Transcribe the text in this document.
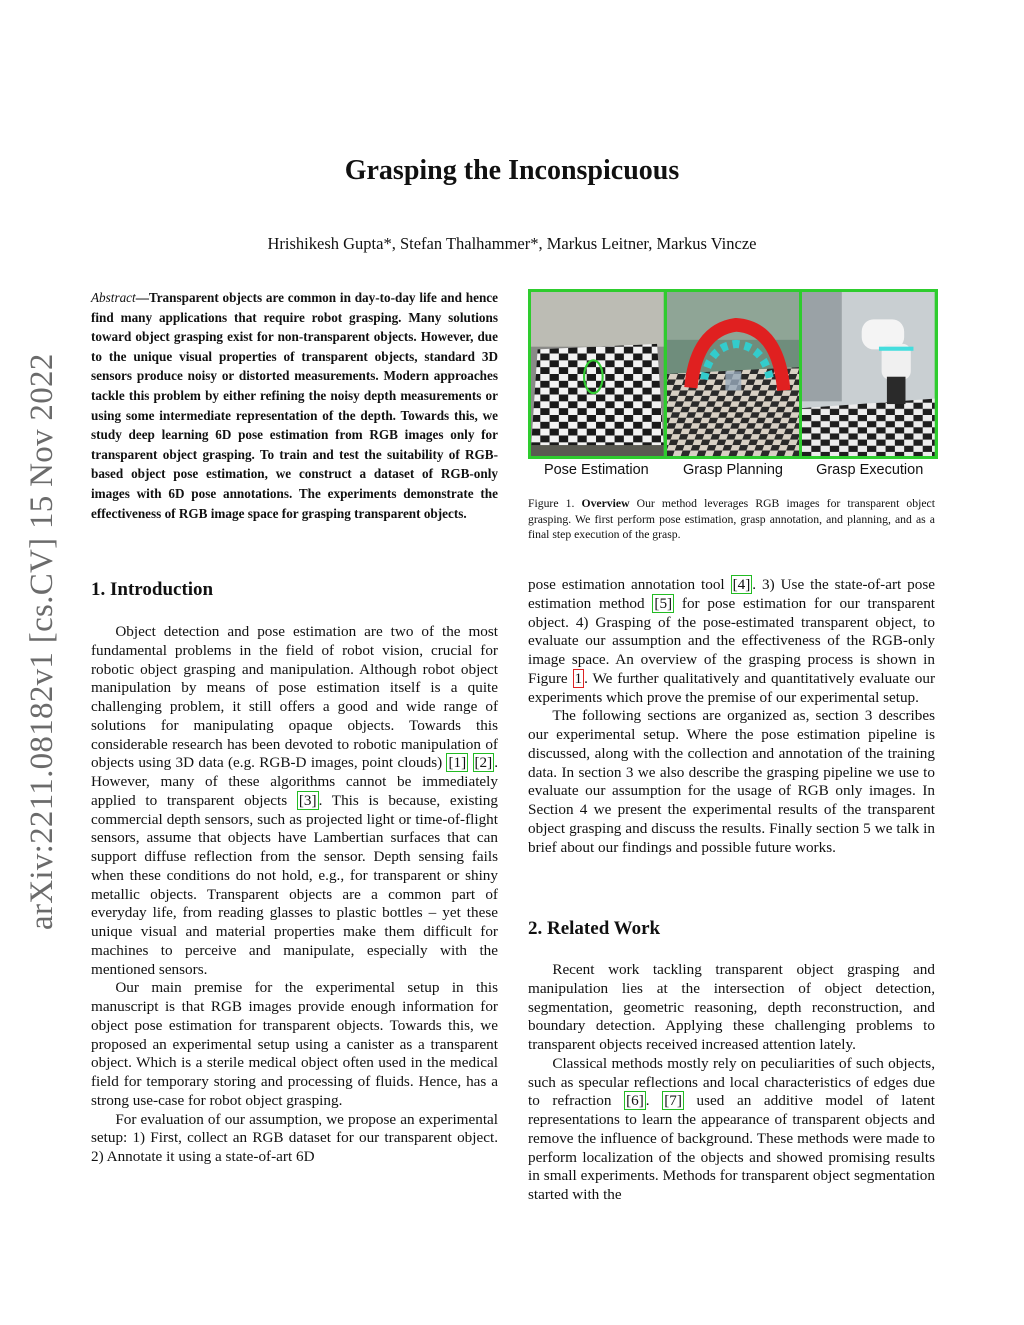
arXiv:2211.08182v1 [cs.CV] 15 Nov 2022
Grasping the Inconspicuous
Hrishikesh Gupta*, Stefan Thalhammer*, Markus Leitner, Markus Vincze
Abstract—Transparent objects are common in day-to-day life and hence find many applications that require robot grasping. Many solutions toward object grasping exist for non-transparent objects. However, due to the unique visual properties of transparent objects, standard 3D sensors produce noisy or distorted measurements. Modern approaches tackle this problem by either refining the noisy depth measurements or using some intermediate representation of the depth. Towards this, we study deep learning 6D pose estimation from RGB images only for transparent object grasping. To train and test the suitability of RGB-based object pose estimation, we construct a dataset of RGB-only images with 6D pose annotations. The experiments demonstrate the effectiveness of RGB image space for grasping transparent objects.
Pose Estimation	Grasp Planning	Grasp Execution
Figure 1. Overview Our method leverages RGB images for transparent object grasping. We first perform pose estimation, grasp annotation, and planning, and as a final step execution of the grasp.
1. Introduction

Object detection and pose estimation are two of the most fundamental problems in the field of robot vision, crucial for robotic object grasping and manipulation. Although robot object manipulation by means of pose estimation itself is a quite challenging problem, it still offers a good and wide range of solutions for manipulating opaque objects. Towards this considerable research has been devoted to robotic manipulation of objects using 3D data (e.g. RGB-D images, point clouds) [1] [2] . However, many of these algorithms cannot be immediately applied to transparent objects [3] . This is because, existing commercial depth sensors, such as projected light or time-of-flight sensors, assume that objects have Lambertian surfaces that can support diffuse reflection from the sensor. Depth sensing fails when these conditions do not hold, e.g., for transparent or shiny metallic objects. Transparent objects are a common part of everyday life, from reading glasses to plastic bottles – yet these unique visual and material properties make them difficult for machines to perceive and manipulate, especially with the mentioned sensors.

Our main premise for the experimental setup in this manuscript is that RGB images provide enough information for object pose estimation for transparent objects. Towards this, we proposed an experimental setup using a canister as a transparent object. Which is a sterile medical object often used in the medical field for temporary storing and processing of fluids. Hence, has a strong use-case for robot object grasping.

For evaluation of our assumption, we propose an experimental setup: 1) First, collect an RGB dataset for our transparent object. 2) Annotate it using a state-of-art 6D

pose estimation annotation tool [4] . 3) Use the state-of-art pose estimation method [5] for pose estimation for our transparent object. 4) Grasping of the pose-estimated transparent object, to evaluate our assumption and the effectiveness of the RGB-only image space. An overview of the grasping process is shown in Figure 1 . We further qualitatively and quantitatively evaluate our experiments which prove the premise of our experimental setup.

The following sections are organized as, section 3 describes our experimental setup. Where the pose estimation pipeline is discussed, along with the collection and annotation of the training data. In section 3 we also describe the grasping pipeline we use to evaluate our assumption for the usage of RGB only images. In Section 4 we present the experimental results of the transparent object grasping and discuss the results. Finally section 5 we talk in brief about our findings and possible future works.

2. Related Work

Recent work tackling transparent object grasping and manipulation lies at the intersection of object detection, segmentation, geometric reasoning, depth reconstruction, and boundary detection. Applying these challenging problems to transparent objects received increased attention lately.

Classical methods mostly rely on peculiarities of such objects, such as specular reflections and local characteristics of edges due to refraction [6] . [7] used an additive model of latent representations to learn the appearance of transparent objects and remove the influence of background. These methods were made to perform localization of the objects and showed promising results in small experiments. Methods for transparent object segmentation started with the
